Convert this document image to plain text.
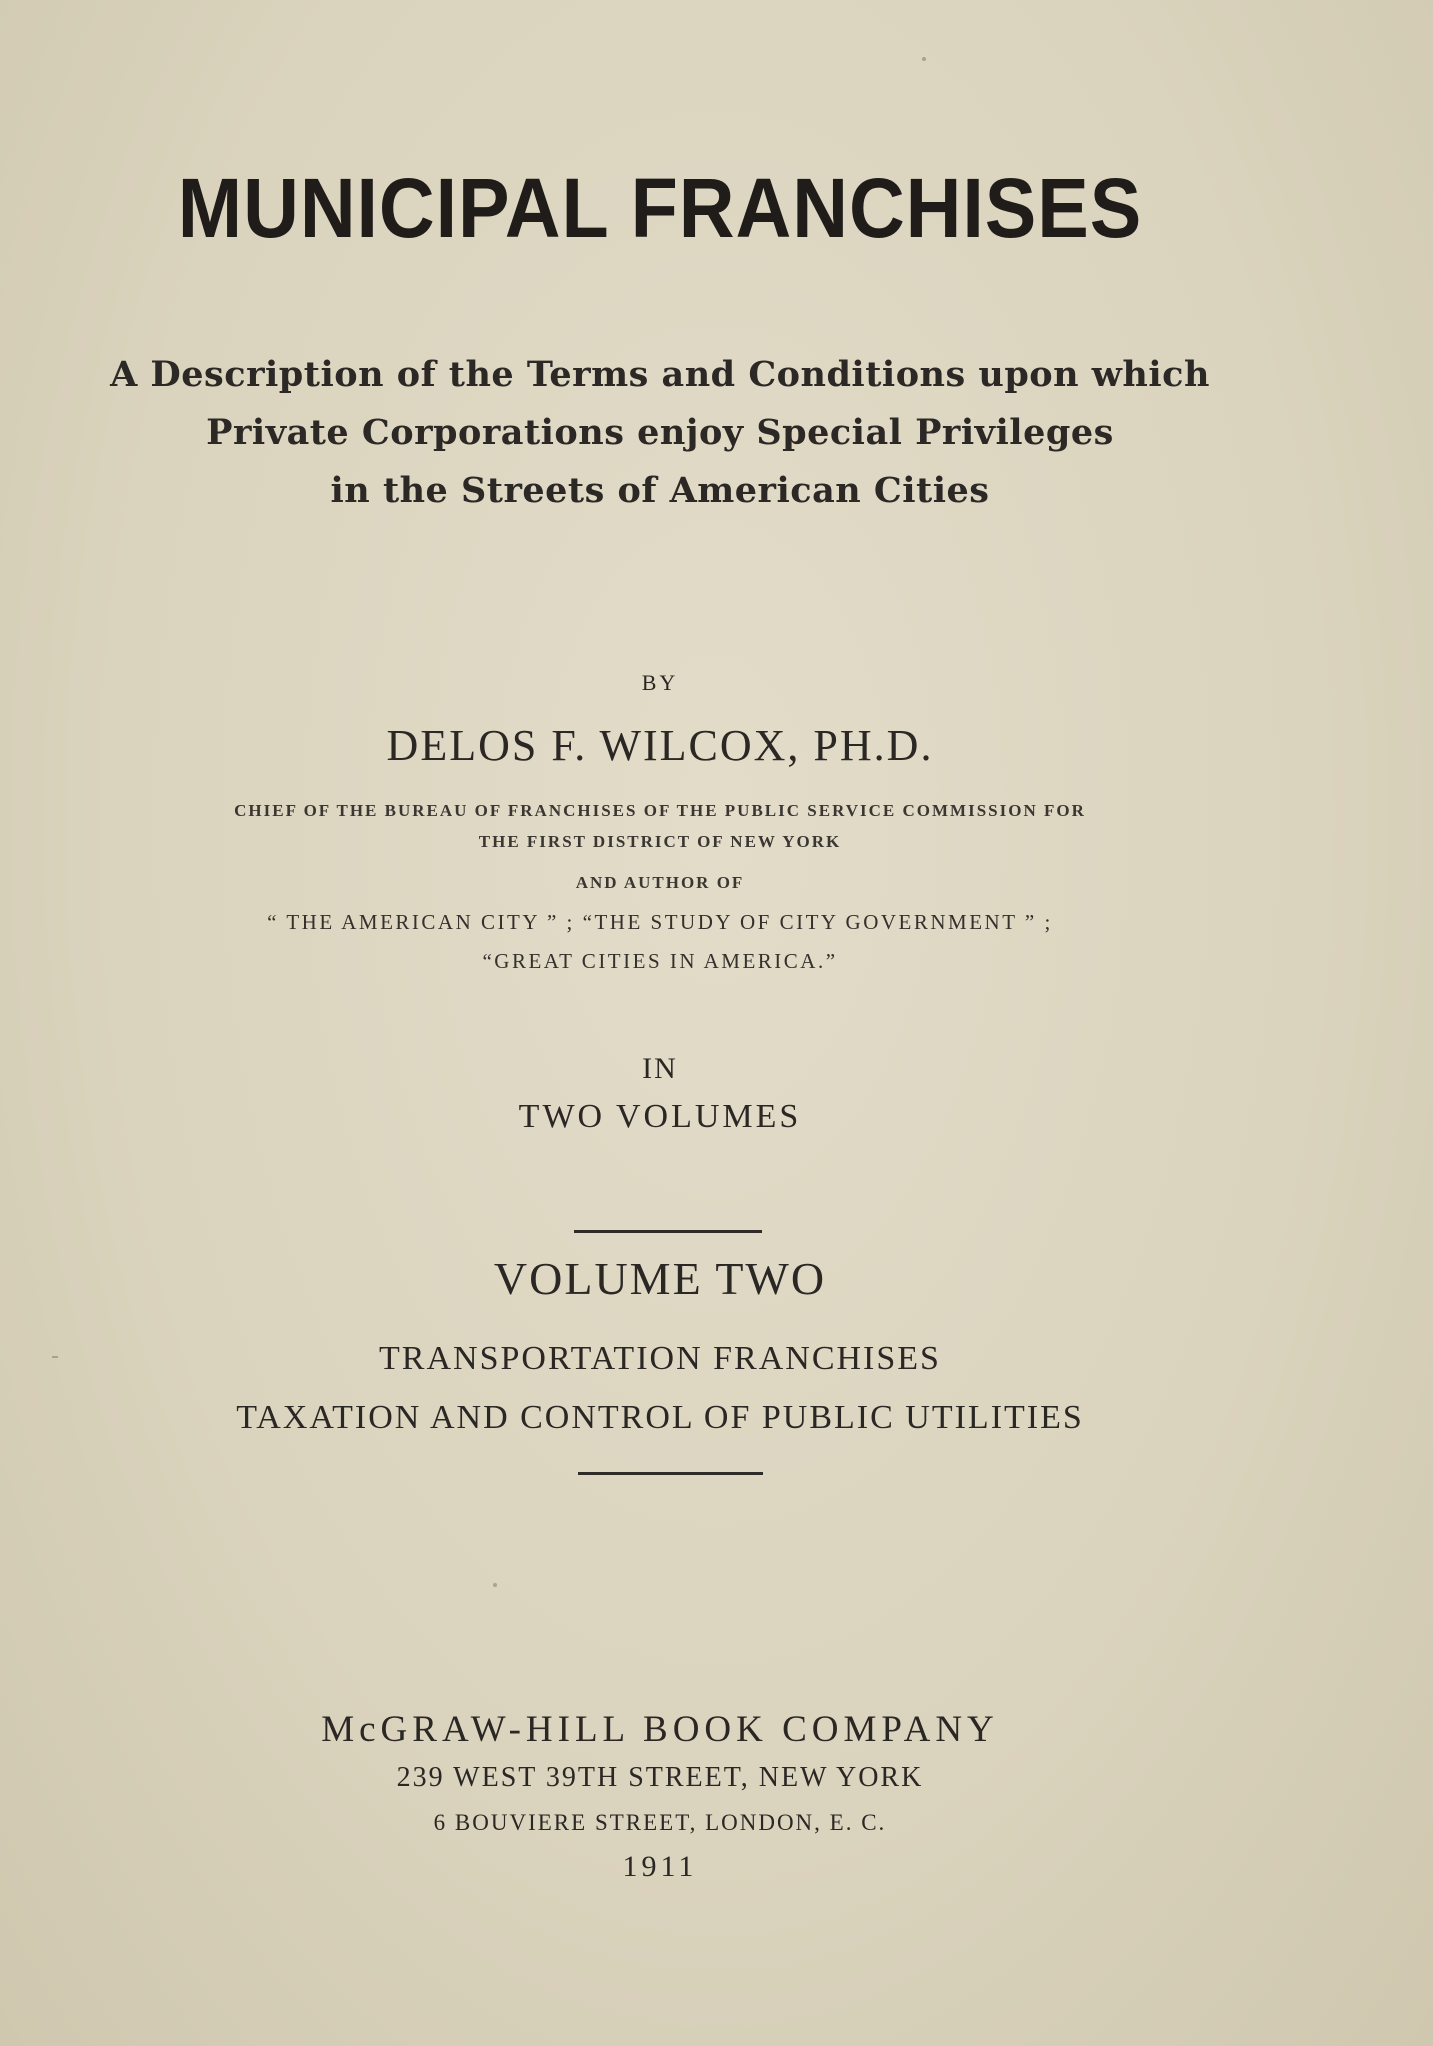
MUNICIPAL FRANCHISES
A Description of the Terms and Conditions upon which
Private Corporations enjoy Special Privileges
in the Streets of American Cities
BY
DELOS F. WILCOX, PH.D.
CHIEF OF THE BUREAU OF FRANCHISES OF THE PUBLIC SERVICE COMMISSION FOR
THE FIRST DISTRICT OF NEW YORK
AND AUTHOR OF
“ THE AMERICAN CITY ” ; “THE STUDY OF CITY GOVERNMENT ” ;
“GREAT CITIES IN AMERICA.”
IN
TWO VOLUMES
VOLUME TWO
TRANSPORTATION FRANCHISES
TAXATION AND CONTROL OF PUBLIC UTILITIES
McGRAW-HILL BOOK COMPANY
239 WEST 39TH STREET, NEW YORK
6 BOUVIERE STREET, LONDON, E. C.
1911
